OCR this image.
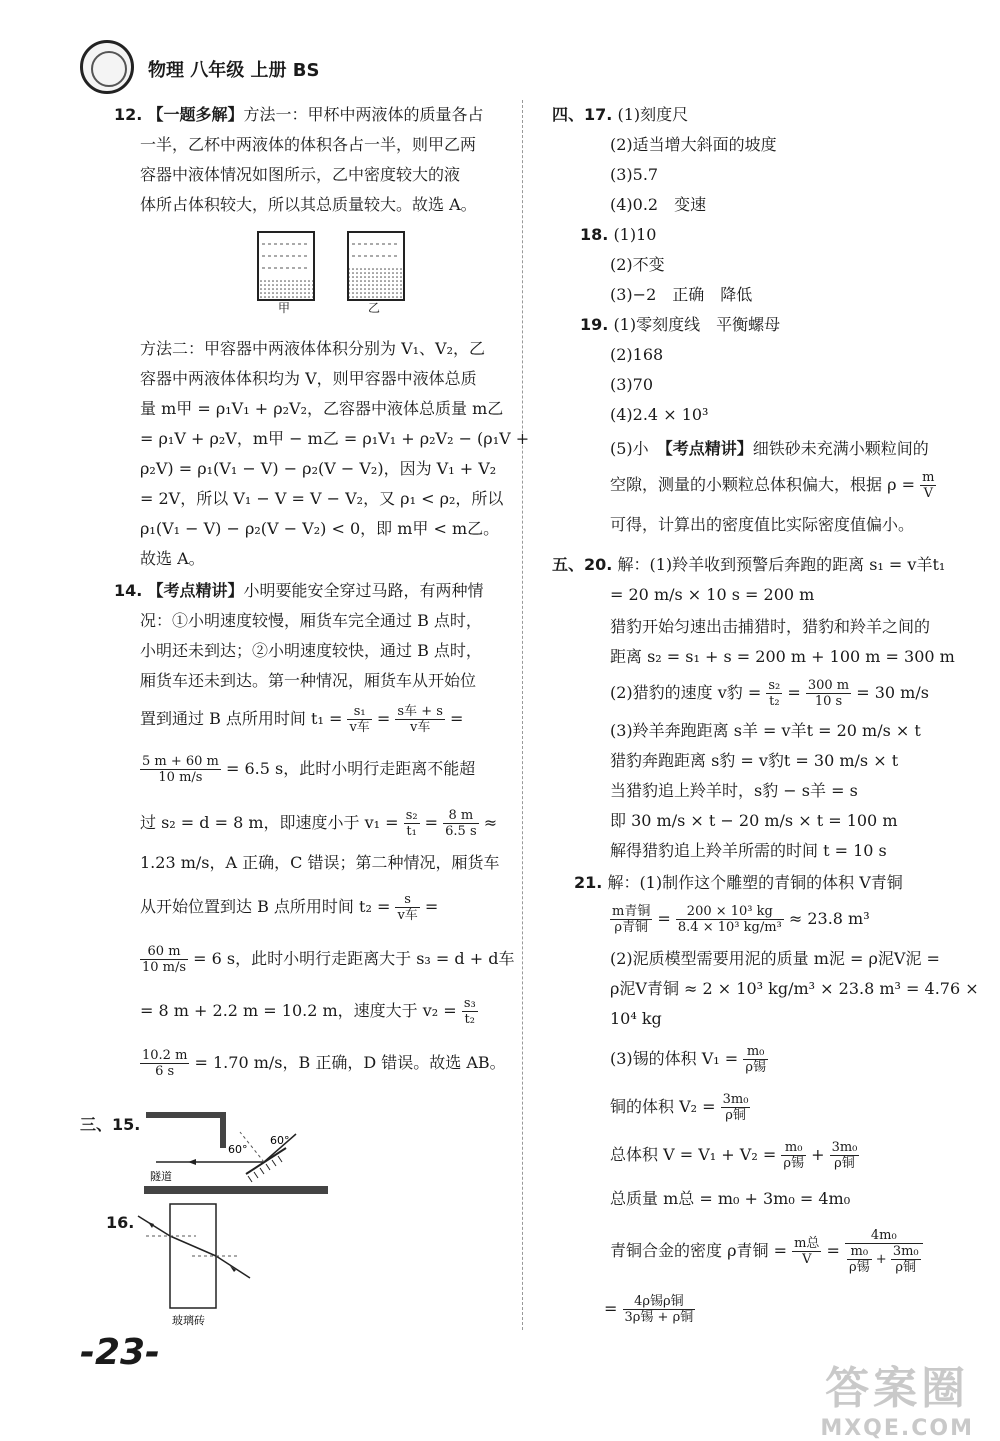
物理 八年级 上册 BS
12. 【一题多解】方法一：甲杯中两液体的质量各占
一半，乙杯中两液体的体积各占一半，则甲乙两
容器中液体情况如图所示，乙中密度较大的液
体所占体积较大，所以其总质量较大。故选 A。
甲	乙
方法二：甲容器中两液体体积分别为 V₁、V₂，乙
容器中两液体体积均为 V，则甲容器中液体总质
量 m甲 = ρ₁V₁ + ρ₂V₂，乙容器中液体总质量 m乙
= ρ₁V + ρ₂V，m甲 − m乙 = ρ₁V₁ + ρ₂V₂ − (ρ₁V +
ρ₂V) = ρ₁(V₁ − V) − ρ₂(V − V₂)，因为 V₁ + V₂
= 2V，所以 V₁ − V = V − V₂，又 ρ₁ < ρ₂，所以
ρ₁(V₁ − V) − ρ₂(V − V₂) < 0，即 m甲 < m乙。
故选 A。
14. 【考点精讲】小明要能安全穿过马路，有两种情
况：①小明速度较慢，厢货车完全通过 B 点时，
小明还未到达；②小明速度较快，通过 B 点时，
厢货车还未到达。第一种情况，厢货车从开始位
置到通过 B 点所用时间 $t_1 = \frac{\text{s₁}}{\text{v车}} = \frac{\text{s车 + s}}{\text{v车}}$ =
$\frac{5 m + 60 m}{10 m/s} = 6.5$ s，此时小明行走距离不能超
过 s₂ = d = 8 m，即速度小于 $v_1 = \frac{\text{s₂}}{\text{t₁}} = \frac{8 m}{6.5 s}$ ≈
1.23 m/s，A 正确，C 错误；第二种情况，厢货车
从开始位置到达 B 点所用时间 $t_2 = \frac{s}{\text{v车}}$ =
$\frac{60 m}{10 m/s} = 6$ s，此时小明行走距离大于 s₃ = d + d车
= 8 m + 2.2 m = 10.2 m，速度大于 $v_2 = \frac{\text{s₃}}{\text{t₂}}$
$\frac{10.2 m}{6 s} = 1.70$ m/s，B 正确，D 错误。故选 AB。
三、15.
60°
60°
隧道
16.
玻璃砖
四、17. (1)刻度尺
(2)适当增大斜面的坡度
(3)5.7
(4)0.2　变速
18. (1)10
(2)不变
(3)−2　正确　降低
19. (1)零刻度线　平衡螺母
(2)168
(3)70
(4)2.4 × 10³
(5)小　 【考点精讲】细铁砂未充满小颗粒间的
空隙，测量的小颗粒总体积偏大，根据 $\rho = \frac{m}{V}$
可得，计算出的密度值比实际密度值偏小。
五、20. 解：(1)羚羊收到预警后奔跑的距离 s₁ = v羊t₁
= 20 m/s × 10 s = 200 m
猎豹开始匀速出击捕猎时，猎豹和羚羊之间的
距离 s₂ = s₁ + s = 200 m + 100 m = 300 m
(2)猎豹的速度 v豹 = $\frac{\text{s₂}}{\text{t₂}} = \frac{300 m}{10 s} = 30$ m/s
(3)羚羊奔跑距离 s羊 = v羊t = 20 m/s × t
猎豹奔跑距离 s豹 = v豹t = 30 m/s × t
当猎豹追上羚羊时，s豹 − s羊 = s
即 30 m/s × t − 20 m/s × t = 100 m
解得猎豹追上羚羊所需的时间 t = 10 s
21. 解：(1)制作这个雕塑的青铜的体积 V青铜
$\frac{\text{m青铜}}{\text{ρ青铜}} = \frac{\text{200 × 10³ kg}}{\text{8.4 × 10³ kg/m³}} \approx 23.8$ m³
(2)泥质模型需要用泥的质量 m泥 = ρ泥V泥 =
ρ泥V青铜 ≈ 2 × 10³ kg/m³ × 23.8 m³ = 4.76 ×
10⁴ kg
(3)锡的体积 $V_1 = \frac{\text{m₀}}{\text{ρ锡}}$
铜的体积 $V_2 = \frac{\text{3m₀}}{\text{ρ铜}}$
总体积 $V = V_1 + V_2 = \frac{\text{m₀}}{\text{ρ锡}} + \frac{\text{3m₀}}{\text{ρ铜}}$
总质量 m总 = m₀ + 3m₀ = 4m₀
青铜合金的密度 ρ青铜 = $\frac{\text{m总}}{V} = \frac{\text{4m₀}}{\frac{\text{m₀}}{\text{ρ锡}} + \frac{\text{3m₀}}{\text{ρ铜}}}$
= $\frac{\text{4ρ锡ρ铜}}{\text{3ρ锡 + ρ铜}}$
-23-
答案圈
MXQE.COM
